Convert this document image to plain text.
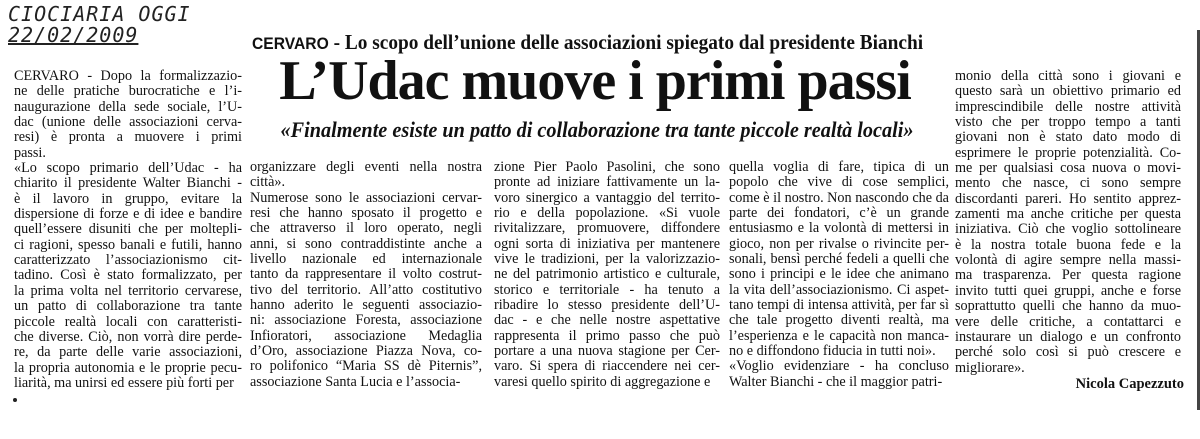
CIOCIARIA OGGI
22/02/2009	CERVARO - Lo scopo dell’unione delle associazioni spiegato dal presidente Bianchi
L’Udac muove i primi passi
«Finalmente esiste un patto di collaborazione tra tante piccole realtà locali»
CERVARO - Dopo la formalizzazio-
ne delle pratiche burocratiche e l’i-
naugurazione della sede sociale, l’U-
dac (unione delle associazioni cerva-
resi) è pronta a muovere i primi
passi.
«Lo scopo primario dell’Udac - ha
chiarito il presidente Walter Bianchi -
è il lavoro in gruppo, evitare la
dispersione di forze e di idee e bandire
quell’essere disuniti che per moltepli-
ci ragioni, spesso banali e futili, hanno
caratterizzato l’associazionismo cit-
tadino. Così è stato formalizzato, per
la prima volta nel territorio cervarese,
un patto di collaborazione tra tante
piccole realtà locali con caratteristi-
che diverse. Ciò, non vorrà dire perde-
re, da parte delle varie associazioni,
la propria autonomia e le proprie pecu-
liarità, ma unirsi ed essere più forti per
organizzare degli eventi nella nostra
città».
Numerose sono le associazioni cervar-
resi che hanno sposato il progetto e
che attraverso il loro operato, negli
anni, si sono contraddistinte anche a
livello nazionale ed internazionale
tanto da rappresentare il volto costrut-
tivo del territorio. All’atto costitutivo
hanno aderito le seguenti associazio-
ni: associazione Foresta, associazione
Infioratori, associazione Medaglia
d’Oro, associazione Piazza Nova, co-
ro polifonico “Maria SS dè Piternis”,
associazione Santa Lucia e l’associa-
zione Pier Paolo Pasolini, che sono
pronte ad iniziare fattivamente un la-
voro sinergico a vantaggio del territo-
rio e della popolazione. «Si vuole
rivitalizzare, promuovere, diffondere
ogni sorta di iniziativa per mantenere
vive le tradizioni, per la valorizzazio-
ne del patrimonio artistico e culturale,
storico e territoriale - ha tenuto a
ribadire lo stesso presidente dell’U-
dac - e che nelle nostre aspettative
rappresenta il primo passo che può
portare a una nuova stagione per Cer-
varo. Si spera di riaccendere nei cer-
varesi quello spirito di aggregazione e
quella voglia di fare, tipica di un
popolo che vive di cose semplici,
come è il nostro. Non nascondo che da
parte dei fondatori, c’è un grande
entusiasmo e la volontà di mettersi in
gioco, non per rivalse o rivincite per-
sonali, bensì perché fedeli a quelli che
sono i principi e le idee che animano
la vita dell’associazionismo. Ci aspet-
tano tempi di intensa attività, per far sì
che tale progetto diventi realtà, ma
l’esperienza e le capacità non manca-
no e diffondono fiducia in tutti noi».
«Voglio evidenziare - ha concluso
Walter Bianchi - che il maggior patri-
monio della città sono i giovani e
questo sarà un obiettivo primario ed
imprescindibile delle nostre attività
visto che per troppo tempo a tanti
giovani non è stato dato modo di
esprimere le proprie potenzialità. Co-
me per qualsiasi cosa nuova o movi-
mento che nasce, ci sono sempre
discordanti pareri. Ho sentito apprez-
zamenti ma anche critiche per questa
iniziativa. Ciò che voglio sottolineare
è la nostra totale buona fede e la
volontà di agire sempre nella massi-
ma trasparenza. Per questa ragione
invito tutti quei gruppi, anche e forse
soprattutto quelli che hanno da muo-
vere delle critiche, a contattarci e
instaurare un dialogo e un confronto
perché solo così si può crescere e
migliorare».
Nicola Capezzuto
